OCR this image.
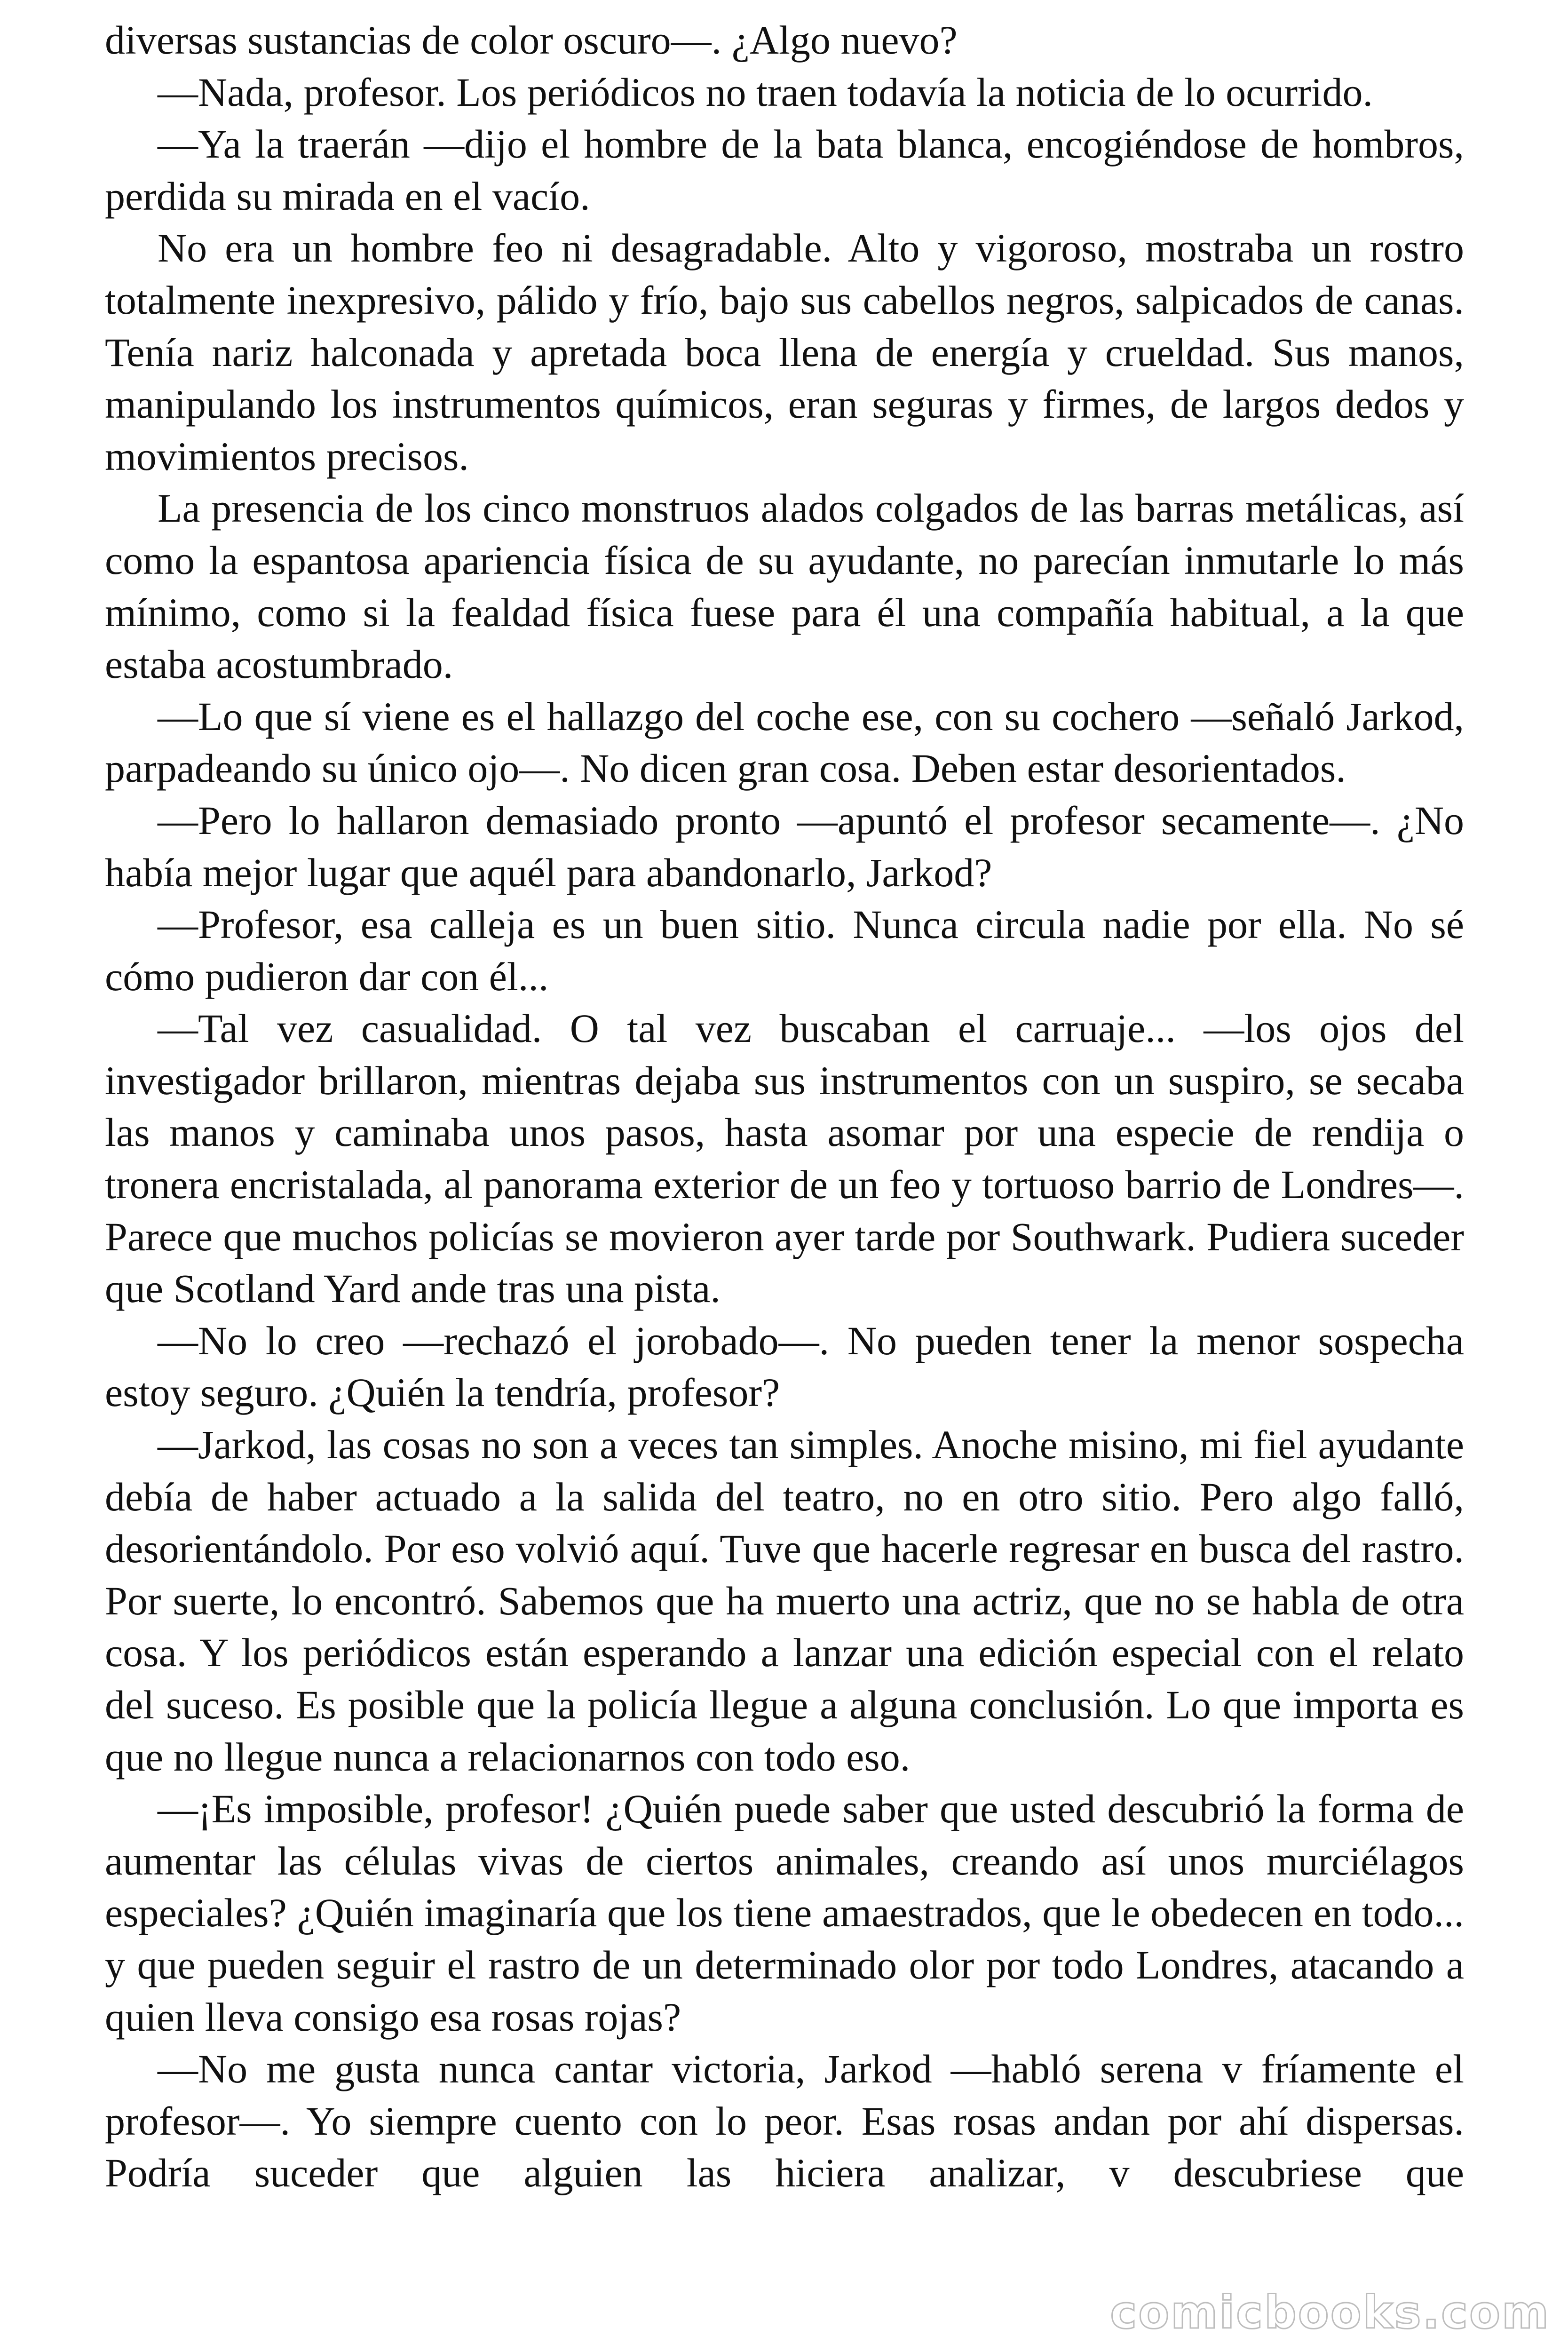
diversas sustancias de color oscuro—. ¿Algo nuevo?

—Nada, profesor. Los periódicos no traen todavía la noticia de lo ocurrido.

—Ya la traerán —dijo el hombre de la bata blanca, encogiéndose de hombros, perdida su mirada en el vacío.

No era un hombre feo ni desagradable. Alto y vigoroso, mostraba un rostro totalmente inexpresivo, pálido y frío, bajo sus cabellos negros, salpicados de canas. Tenía nariz halconada y apretada boca llena de energía y crueldad. Sus manos, manipulando los instrumentos químicos, eran seguras y firmes, de largos dedos y movimientos precisos.

La presencia de los cinco monstruos alados colgados de las barras metálicas, así como la espantosa apariencia física de su ayudante, no parecían inmutarle lo más mínimo, como si la fealdad física fuese para él una compañía habitual, a la que estaba acostumbrado.

—Lo que sí viene es el hallazgo del coche ese, con su cochero —señaló Jarkod, parpadeando su único ojo—. No dicen gran cosa. Deben estar desorientados.

—Pero lo hallaron demasiado pronto —apuntó el profesor secamente—. ¿No había mejor lugar que aquél para abandonarlo, Jarkod?

—Profesor, esa calleja es un buen sitio. Nunca circula nadie por ella. No sé cómo pudieron dar con él...

—Tal vez casualidad. O tal vez buscaban el carruaje... —los ojos del investigador brillaron, mientras dejaba sus instrumentos con un suspiro, se secaba las manos y caminaba unos pasos, hasta asomar por una especie de rendija o tronera encristalada, al panorama exterior de un feo y tortuoso barrio de Londres—. Parece que muchos policías se movieron ayer tarde por Southwark. Pudiera suceder que Scotland Yard ande tras una pista.

—No lo creo —rechazó el jorobado—. No pueden tener la menor sospecha estoy seguro. ¿Quién la tendría, profesor?

—Jarkod, las cosas no son a veces tan simples. Anoche misino, mi fiel ayudante debía de haber actuado a la salida del teatro, no en otro sitio. Pero algo falló, desorientándolo. Por eso volvió aquí. Tuve que hacerle regresar en busca del rastro. Por suerte, lo encontró. Sabemos que ha muerto una actriz, que no se habla de otra cosa. Y los periódicos están esperando a lanzar una edición especial con el relato del suceso. Es posible que la policía llegue a alguna conclusión. Lo que importa es que no llegue nunca a relacionarnos con todo eso.

—¡Es imposible, profesor! ¿Quién puede saber que usted descubrió la forma de aumentar las células vivas de ciertos animales, creando así unos murciélagos especiales? ¿Quién imaginaría que los tiene amaestrados, que le obedecen en todo... y que pueden seguir el rastro de un determinado olor por todo Londres, atacando a quien lleva consigo esa rosas rojas?

—No me gusta nunca cantar victoria, Jarkod —habló serena v fríamente el profesor—. Yo siempre cuento con lo peor. Esas rosas andan por ahí dispersas. Podría suceder que alguien las hiciera analizar, v descubriese que

comicbooks.com
